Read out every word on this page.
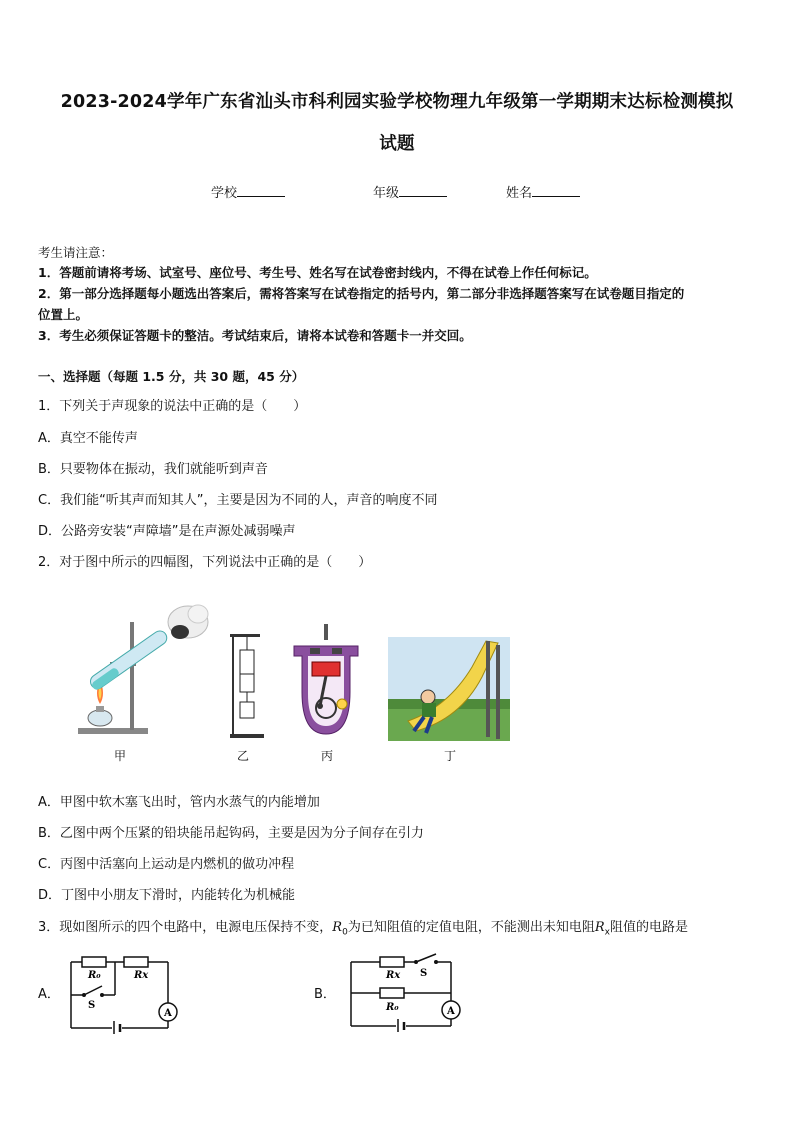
2023-2024学年广东省汕头市科利园实验学校物理九年级第一学期期末达标检测模拟
试题
学校	年级	姓名
考生请注意：
1．答题前请将考场、试室号、座位号、考生号、姓名写在试卷密封线内，不得在试卷上作任何标记。
2．第一部分选择题每小题选出答案后，需将答案写在试卷指定的括号内，第二部分非选择题答案写在试卷题目指定的
位置上。
3．考生必须保证答题卡的整洁。考试结束后，请将本试卷和答题卡一并交回。
一、选择题（每题 1.5 分，共 30 题，45 分）
1．下列关于声现象的说法中正确的是（　　）
A．真空不能传声
B．只要物体在振动，我们就能听到声音
C．我们能“听其声而知其人”，主要是因为不同的人，声音的响度不同
D．公路旁安装“声障墙”是在声源处减弱噪声
2．对于图中所示的四幅图，下列说法中正确的是（　　）
甲	乙	丙	丁
A．甲图中软木塞飞出时，管内水蒸气的内能增加
B．乙图中两个压紧的铅块能吊起钩码，主要是因为分子间存在引力
C．丙图中活塞向上运动是内燃机的做功冲程
D．丁图中小朋友下滑时，内能转化为机械能
3．现如图所示的四个电路中，电源电压保持不变，$R_0$为已知阻值的定值电阻，不能测出未知电阻$R_x$阻值的电路是
A．
R₀	Rx
S
A
B．
Rx
R₀
S
A
